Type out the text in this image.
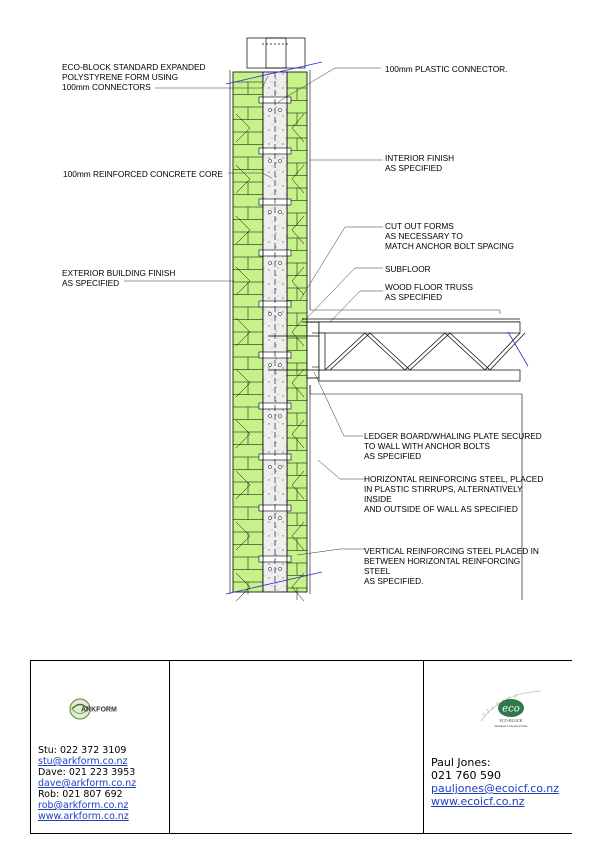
ECO-BLOCK STANDARD EXPANDED
POLYSTYRENE FORM USING
100mm CONNECTORS
100mm REINFORCED CONCRETE CORE
EXTERIOR BUILDING FINISH
AS SPECIFIED
100mm PLASTIC CONNECTOR.
INTERIOR FINISH
AS SPECIFIED
CUT OUT FORMS
AS NECESSARY TO
MATCH ANCHOR BOLT SPACING
SUBFLOOR
WOOD FLOOR TRUSS
AS SPECIFIED
LEDGER BOARD/WHALING PLATE SECURED
TO WALL WITH ANCHOR BOLTS
AS SPECIFIED
HORIZONTAL REINFORCING STEEL, PLACED
IN PLASTIC STIRRUPS, ALTERNATIVELY
INSIDE
AND OUTSIDE OF WALL AS SPECIFIED
VERTICAL REINFORCING STEEL PLACED IN
BETWEEN HORIZONTAL REINFORCING
STEEL
AS SPECIFIED.
ARKFORM
Stu: 022 372 3109
stu@arkform.co.nz
Dave: 021 223 3953
dave@arkform.co.nz
Rob: 021 807 692
rob@arkform.co.nz
www.arkform.co.nz
eco
ECO-BLOCK
Insulated Concrete Forms
Paul Jones:
021 760 590
pauljones@ecoicf.co.nz
www.ecoicf.co.nz
